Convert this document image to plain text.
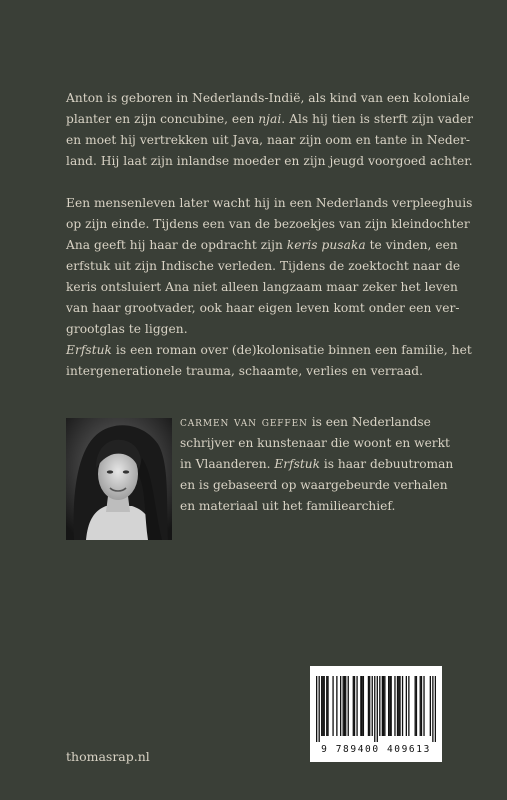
Anton is geboren in Nederlands-Indië, als kind van een koloniale
planter en zijn concubine, een njai. Als hij tien is sterft zijn vader
en moet hij vertrekken uit Java, naar zijn oom en tante in Neder-
land. Hij laat zijn inlandse moeder en zijn jeugd voorgoed achter.
Een mensenleven later wacht hij in een Nederlands verpleeghuis
op zijn einde. Tijdens een van de bezoekjes van zijn kleindochter
Ana geeft hij haar de opdracht zijn keris pusaka te vinden, een
erfstuk uit zijn Indische verleden. Tijdens de zoektocht naar de
keris ontsluiert Ana niet alleen langzaam maar zeker het leven
van haar grootvader, ook haar eigen leven komt onder een ver-
grootglas te liggen.
Erfstuk is een roman over (de)kolonisatie binnen een familie, het
intergenerationele trauma, schaamte, verlies en verraad.
carmen van geffen is een Nederlandse
schrijver en kunstenaar die woont en werkt
in Vlaanderen. Erfstuk is haar debuutroman
en is gebaseerd op waargebeurde verhalen
en materiaal uit het familiearchief.

thomasrap.nl	9 789400 409613
